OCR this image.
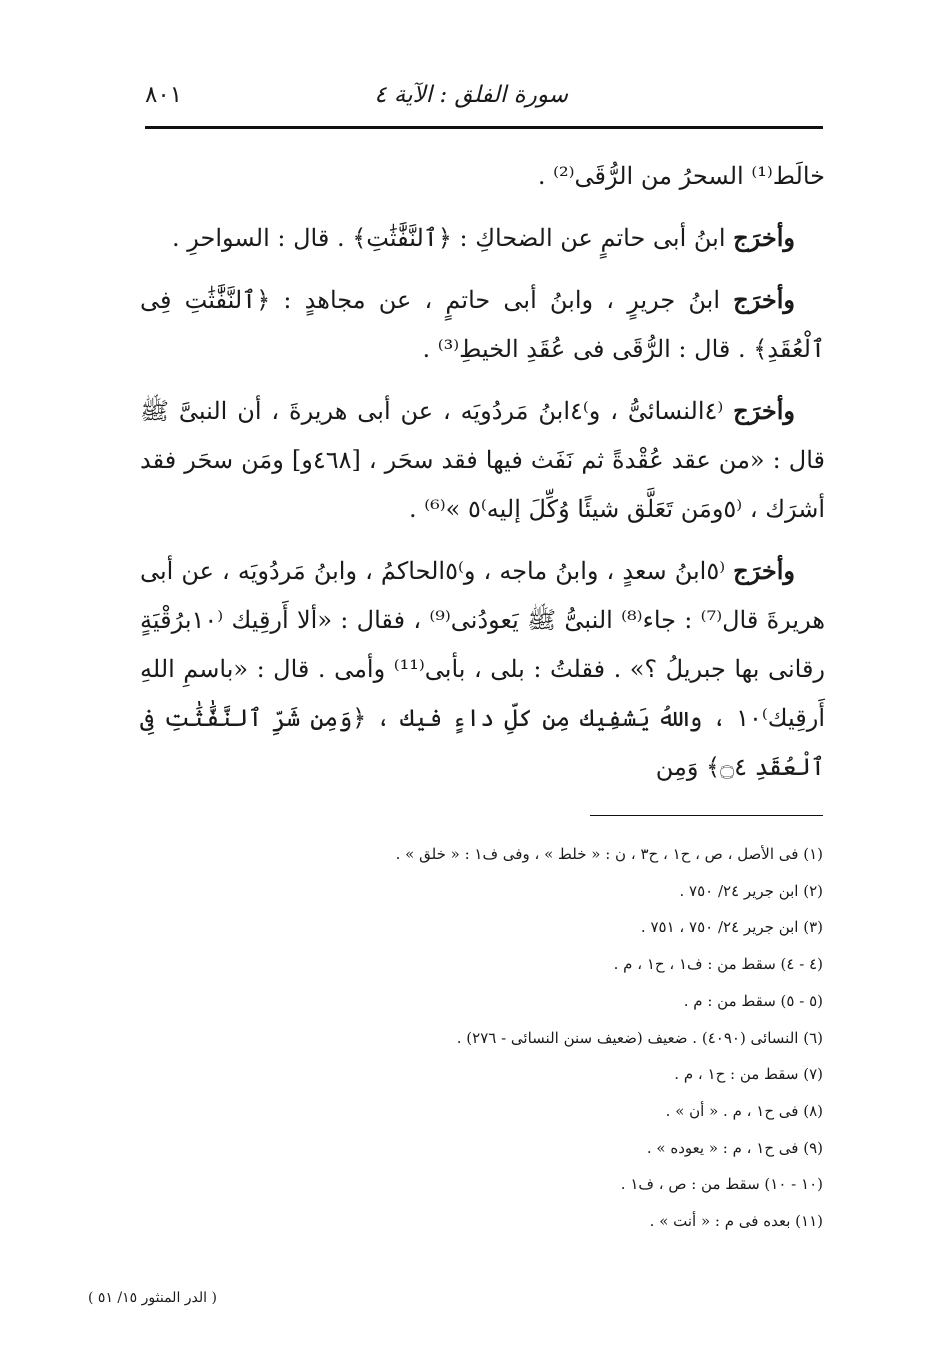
سورة الفلق : الآية ٤
٨٠١

خالَط⁽¹⁾ السحرُ من الرُّقَى⁽²⁾ .

وأخرَج ابنُ أبى حاتمٍ عن الضحاكِ : ﴿ٱلنَّفَّٰثَٰتِ﴾ . قال : السواحرِ .

وأخرَج ابنُ جريرٍ ، وابنُ أبى حاتمٍ ، عن مجاهدٍ : ﴿ٱلنَّفَّٰثَٰتِ فِى ٱلْعُقَدِ﴾ . قال : الرُّقَى فى عُقَدِ الخيطِ⁽³⁾ .

وأخرَج ⁽٤النسائىُّ ، و⁾٤ابنُ مَردُويَه ، عن أبى هريرةَ ، أن النبىَّ ﷺ قال : «من عقد عُقْدةً ثم نَفَث فيها فقد سحَر ، [٤٦٨و] ومَن سحَر فقد أشرَك ، ⁽٥ومَن تَعَلَّق شيئًا وُكِّلَ إليه⁾٥ »⁽⁶⁾ .

وأخرَج ⁽٥ابنُ سعدٍ ، وابنُ ماجه ، و⁾٥الحاكمُ ، وابنُ مَردُويَه ، عن أبى هريرةَ قال⁽⁷⁾ : جاء⁽⁸⁾ النبىُّ ﷺ يَعودُنى⁽⁹⁾ ، فقال : «ألا أَرقِيك ⁽١٠برُقْيَةٍ رقانى بها جبريلُ ؟» . فقلتُ : بلى ، بأبى⁽¹¹⁾ وأمى . قال : «باسمِ اللهِ أَرقِيك⁾١٠ ، واللهُ يَشفِيك مِن كلِّ داءٍ فيك ، ﴿وَمِن شَرِّ ٱلنَّفَّٰثَٰتِ فِى ٱلْعُقَدِ ۝٤﴾ وَمِن

(١) فى الأصل ، ص ، ح١ ، ح٣ ، ن : « خلط » ، وفى ف١ : « خلق » .
(٢) ابن جرير ٢٤/ ٧٥٠ .
(٣) ابن جرير ٢٤/ ٧٥٠ ، ٧٥١ .
(٤ - ٤) سقط من : ف١ ، ح١ ، م .
(٥ - ٥) سقط من : م .
(٦) النسائى (٤٠٩٠) . ضعيف (ضعيف سنن النسائى - ٢٧٦) .
(٧) سقط من : ح١ ، م .
(٨) فى ح١ ، م . « أن » .
(٩) فى ح١ ، م : « يعوده » .
(١٠ - ١٠) سقط من : ص ، ف١ .
(١١) بعده فى م : « أنت » .
( الدر المنثور ١٥/ ٥١ )
